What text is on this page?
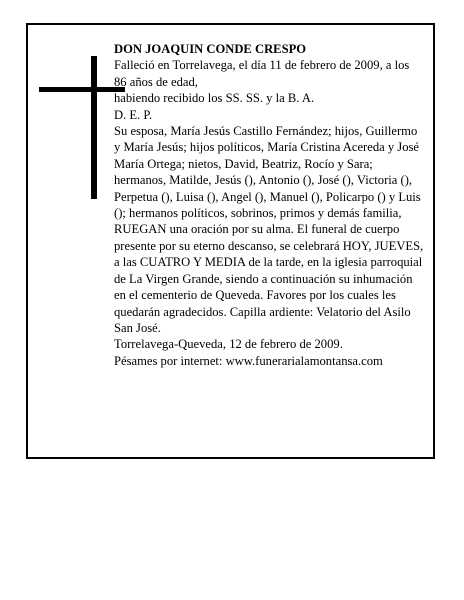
DON JOAQUIN CONDE CRESPO

Falleció en Torrelavega, el día 11 de febrero de 2009, a los 86 años de edad,

habiendo recibido los SS. SS. y la B. A.

D. E. P.

Su esposa, María Jesús Castillo Fernández; hijos, Guillermo y María Jesús; hijos políticos, María Cristina Acereda y José María Ortega; nietos, David, Beatriz, Rocío y Sara; hermanos, Matilde, Jesús (), Antonio (), José (), Victoria (), Perpetua (), Luisa (), Angel (), Manuel (), Policarpo () y Luis (); hermanos políticos, sobrinos, primos y demás familia,

RUEGAN una oración por su alma. El funeral de cuerpo presente por su eterno descanso, se celebrará HOY, JUEVES, a las CUATRO Y MEDIA de la tarde, en la iglesia parroquial de La Virgen Grande, siendo a continuación su inhumación en el cementerio de Queveda. Favores por los cuales les quedarán agradecidos. Capilla ardiente: Velatorio del Asilo San José.

Torrelavega-Queveda, 12 de febrero de 2009.

Pésames por internet: www.funerarialamontansa.com
